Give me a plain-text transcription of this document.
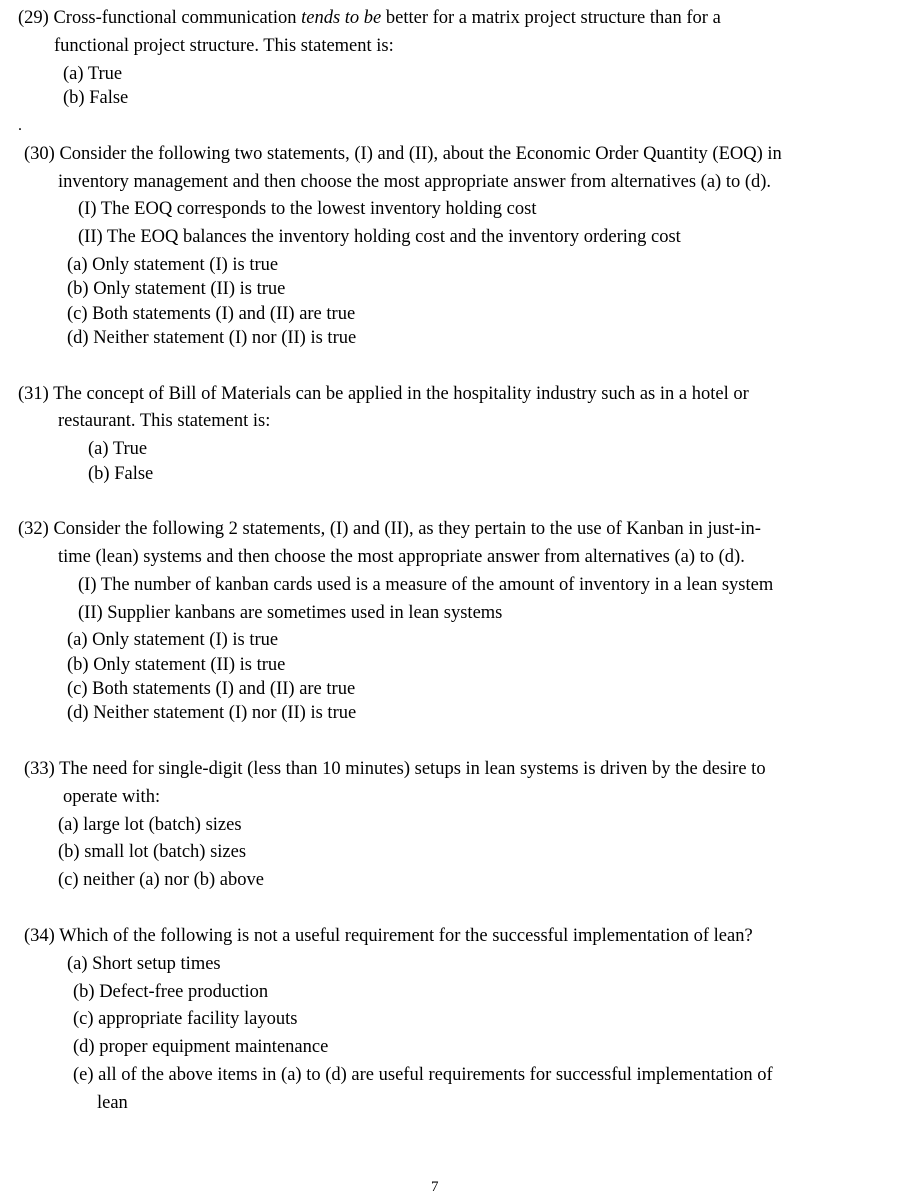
(29) Cross-functional communication tends to be better for a matrix project structure than for a
functional project structure. This statement is:
(a) True
(b) False
.
(30) Consider the following two statements, (I) and (II), about the Economic Order Quantity (EOQ) in
inventory management and then choose the most appropriate answer from alternatives (a) to (d).
(I) The EOQ corresponds to the lowest inventory holding cost
(II) The EOQ balances the inventory holding cost and the inventory ordering cost
(a) Only statement (I) is true
(b) Only statement (II) is true
(c) Both statements (I) and (II) are true
(d) Neither statement (I) nor (II) is true
(31) The concept of Bill of Materials can be applied in the hospitality industry such as in a hotel or
restaurant. This statement is:
(a) True
(b) False
(32) Consider the following 2 statements, (I) and (II), as they pertain to the use of Kanban in just-in-
time (lean) systems and then choose the most appropriate answer from alternatives (a) to (d).
(I) The number of kanban cards used is a measure of the amount of inventory in a lean system
(II) Supplier kanbans are sometimes used in lean systems
(a) Only statement (I) is true
(b) Only statement (II) is true
(c) Both statements (I) and (II) are true
(d) Neither statement (I) nor (II) is true
(33) The need for single-digit (less than 10 minutes) setups in lean systems is driven by the desire to
operate with:
(a) large lot (batch) sizes
(b) small lot (batch) sizes
(c) neither (a) nor (b) above
(34) Which of the following is not a useful requirement for the successful implementation of lean?
(a) Short setup times
(b) Defect-free production
(c) appropriate facility layouts
(d) proper equipment maintenance
(e) all of the above items in (a) to (d) are useful requirements for successful implementation of
lean
7
